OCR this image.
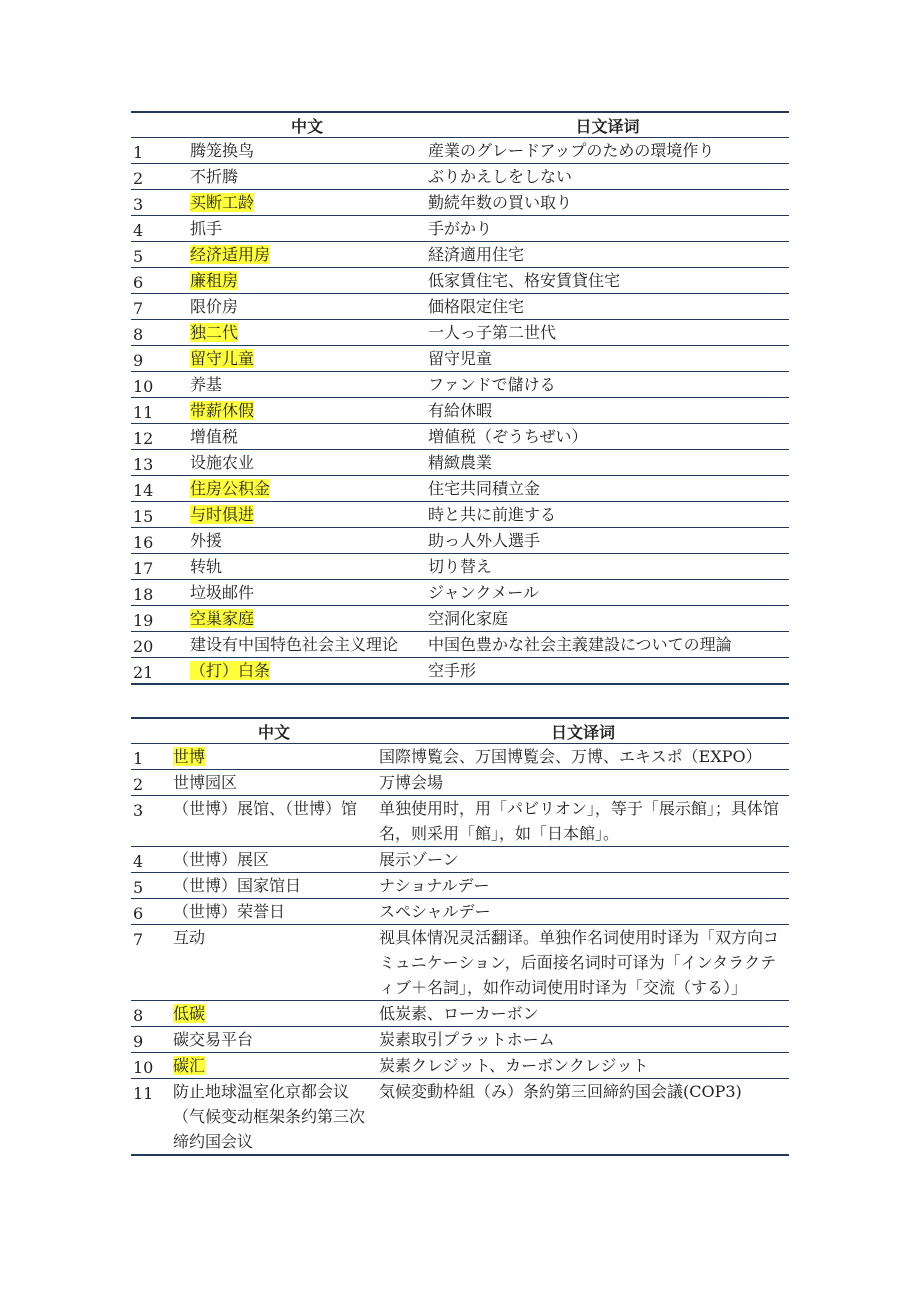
	中文	日文译词
1	腾笼换鸟	産業のグレードアップのための環境作り
2	不折腾	ぶりかえしをしない
3	买断工龄	勤続年数の買い取り
4	抓手	手がかり
5	经济适用房	経済適用住宅
6	廉租房	低家賃住宅、格安賃貸住宅
7	限价房	価格限定住宅
8	独二代	一人っ子第二世代
9	留守儿童	留守児童
10	养基	ファンドで儲ける
11	带薪休假	有給休暇
12	增值税	増値税（ぞうちぜい）
13	设施农业	精緻農業
14	住房公积金	住宅共同積立金
15	与时俱进	時と共に前進する
16	外援	助っ人外人選手
17	转轨	切り替え
18	垃圾邮件	ジャンクメール
19	空巢家庭	空洞化家庭
20	建设有中国特色社会主义理论	中国色豊かな社会主義建設についての理論
21	（打）白条	空手形
	中文	日文译词
1	世博	国際博覧会、万国博覧会、万博、エキスポ（EXPO）
2	世博园区	万博会場
3	（世博）展馆、（世博）馆	单独使用时，用「パビリオン」，等于「展示館」；具体馆名，则采用「館」，如「日本館」。
4	（世博）展区	展示ゾーン
5	（世博）国家馆日	ナショナルデー
6	（世博）荣誉日	スペシャルデー
7	互动	视具体情况灵活翻译。单独作名词使用时译为「双方向コミュニケーション，后面接名词时可译为「インタラクティブ＋名詞」，如作动词使用时译为「交流（する）」
8	低碳	低炭素、ローカーボン
9	碳交易平台	炭素取引プラットホーム
10	碳汇	炭素クレジット、カーボンクレジット
11	防止地球温室化京都会议（气候变动框架条约第三次缔约国会议	気候変動枠組（み）条約第三回締約国会議(COP3)
